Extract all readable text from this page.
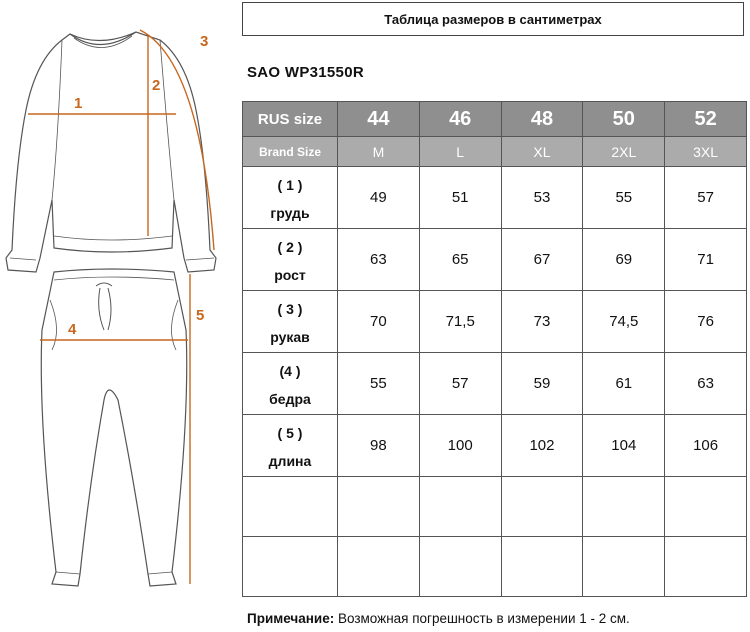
1
2
3
4
5
Таблица размеров в сантиметрах
SAO WP31550R
RUS size	44	46	48	50	52
Brand Size	M	L	XL	2XL	3XL

( 1 )
грудь	49	51	53	55	57

( 2 )
рост	63	65	67	69	71

( 3 )
рукав	70	71,5	73	74,5	76

(4 )
бедра	55	57	59	61	63

( 5 )
длина	98	100	102	104	106

Примечание: Возможная погрешность в измерении 1 - 2 см.
